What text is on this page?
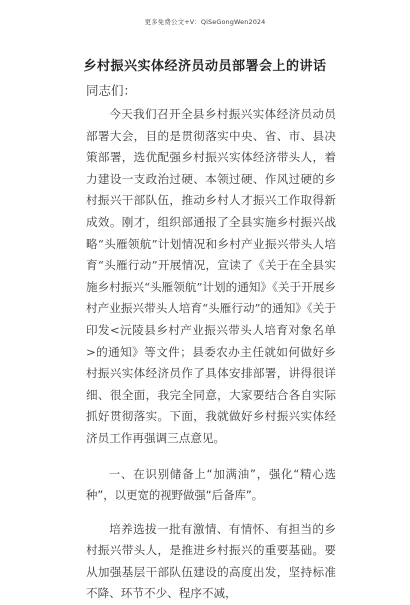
更多免费公文+V：QiSeGongWen2024
乡村振兴实体经济员动员部署会上的讲话
同志们：

今天我们召开全县乡村振兴实体经济员动员部署大会，目的是贯彻落实中央、省、市、县决策部署，选优配强乡村振兴实体经济带头人，着力建设一支政治过硬、本领过硬、作风过硬的乡村振兴干部队伍，推动乡村人才振兴工作取得新成效。刚才，组织部通报了全县实施乡村振兴战略“头雁领航”计划情况和乡村产业振兴带头人培育“头雁行动”开展情况，宣读了《关于在全县实施乡村振兴“头雁领航”计划的通知》《关于开展乡村产业振兴带头人培育“头雁行动”的通知》《关于印发<沅陵县乡村产业振兴带头人培育对象名单>的通知》等文件；县委农办主任就如何做好乡村振兴实体经济员作了具体安排部署，讲得很详细、很全面，我完全同意，大家要结合各自实际抓好贯彻落实。下面，我就做好乡村振兴实体经济员工作再强调三点意见。

一、在识别储备上“加满油”，强化“精心选种”，以更宽的视野做强“后备库”。

培养选拔一批有激情、有情怀、有担当的乡村振兴带头人，是推进乡村振兴的重要基础。要从加强基层干部队伍建设的高度出发，坚持标准不降、环节不少、程序不减，
